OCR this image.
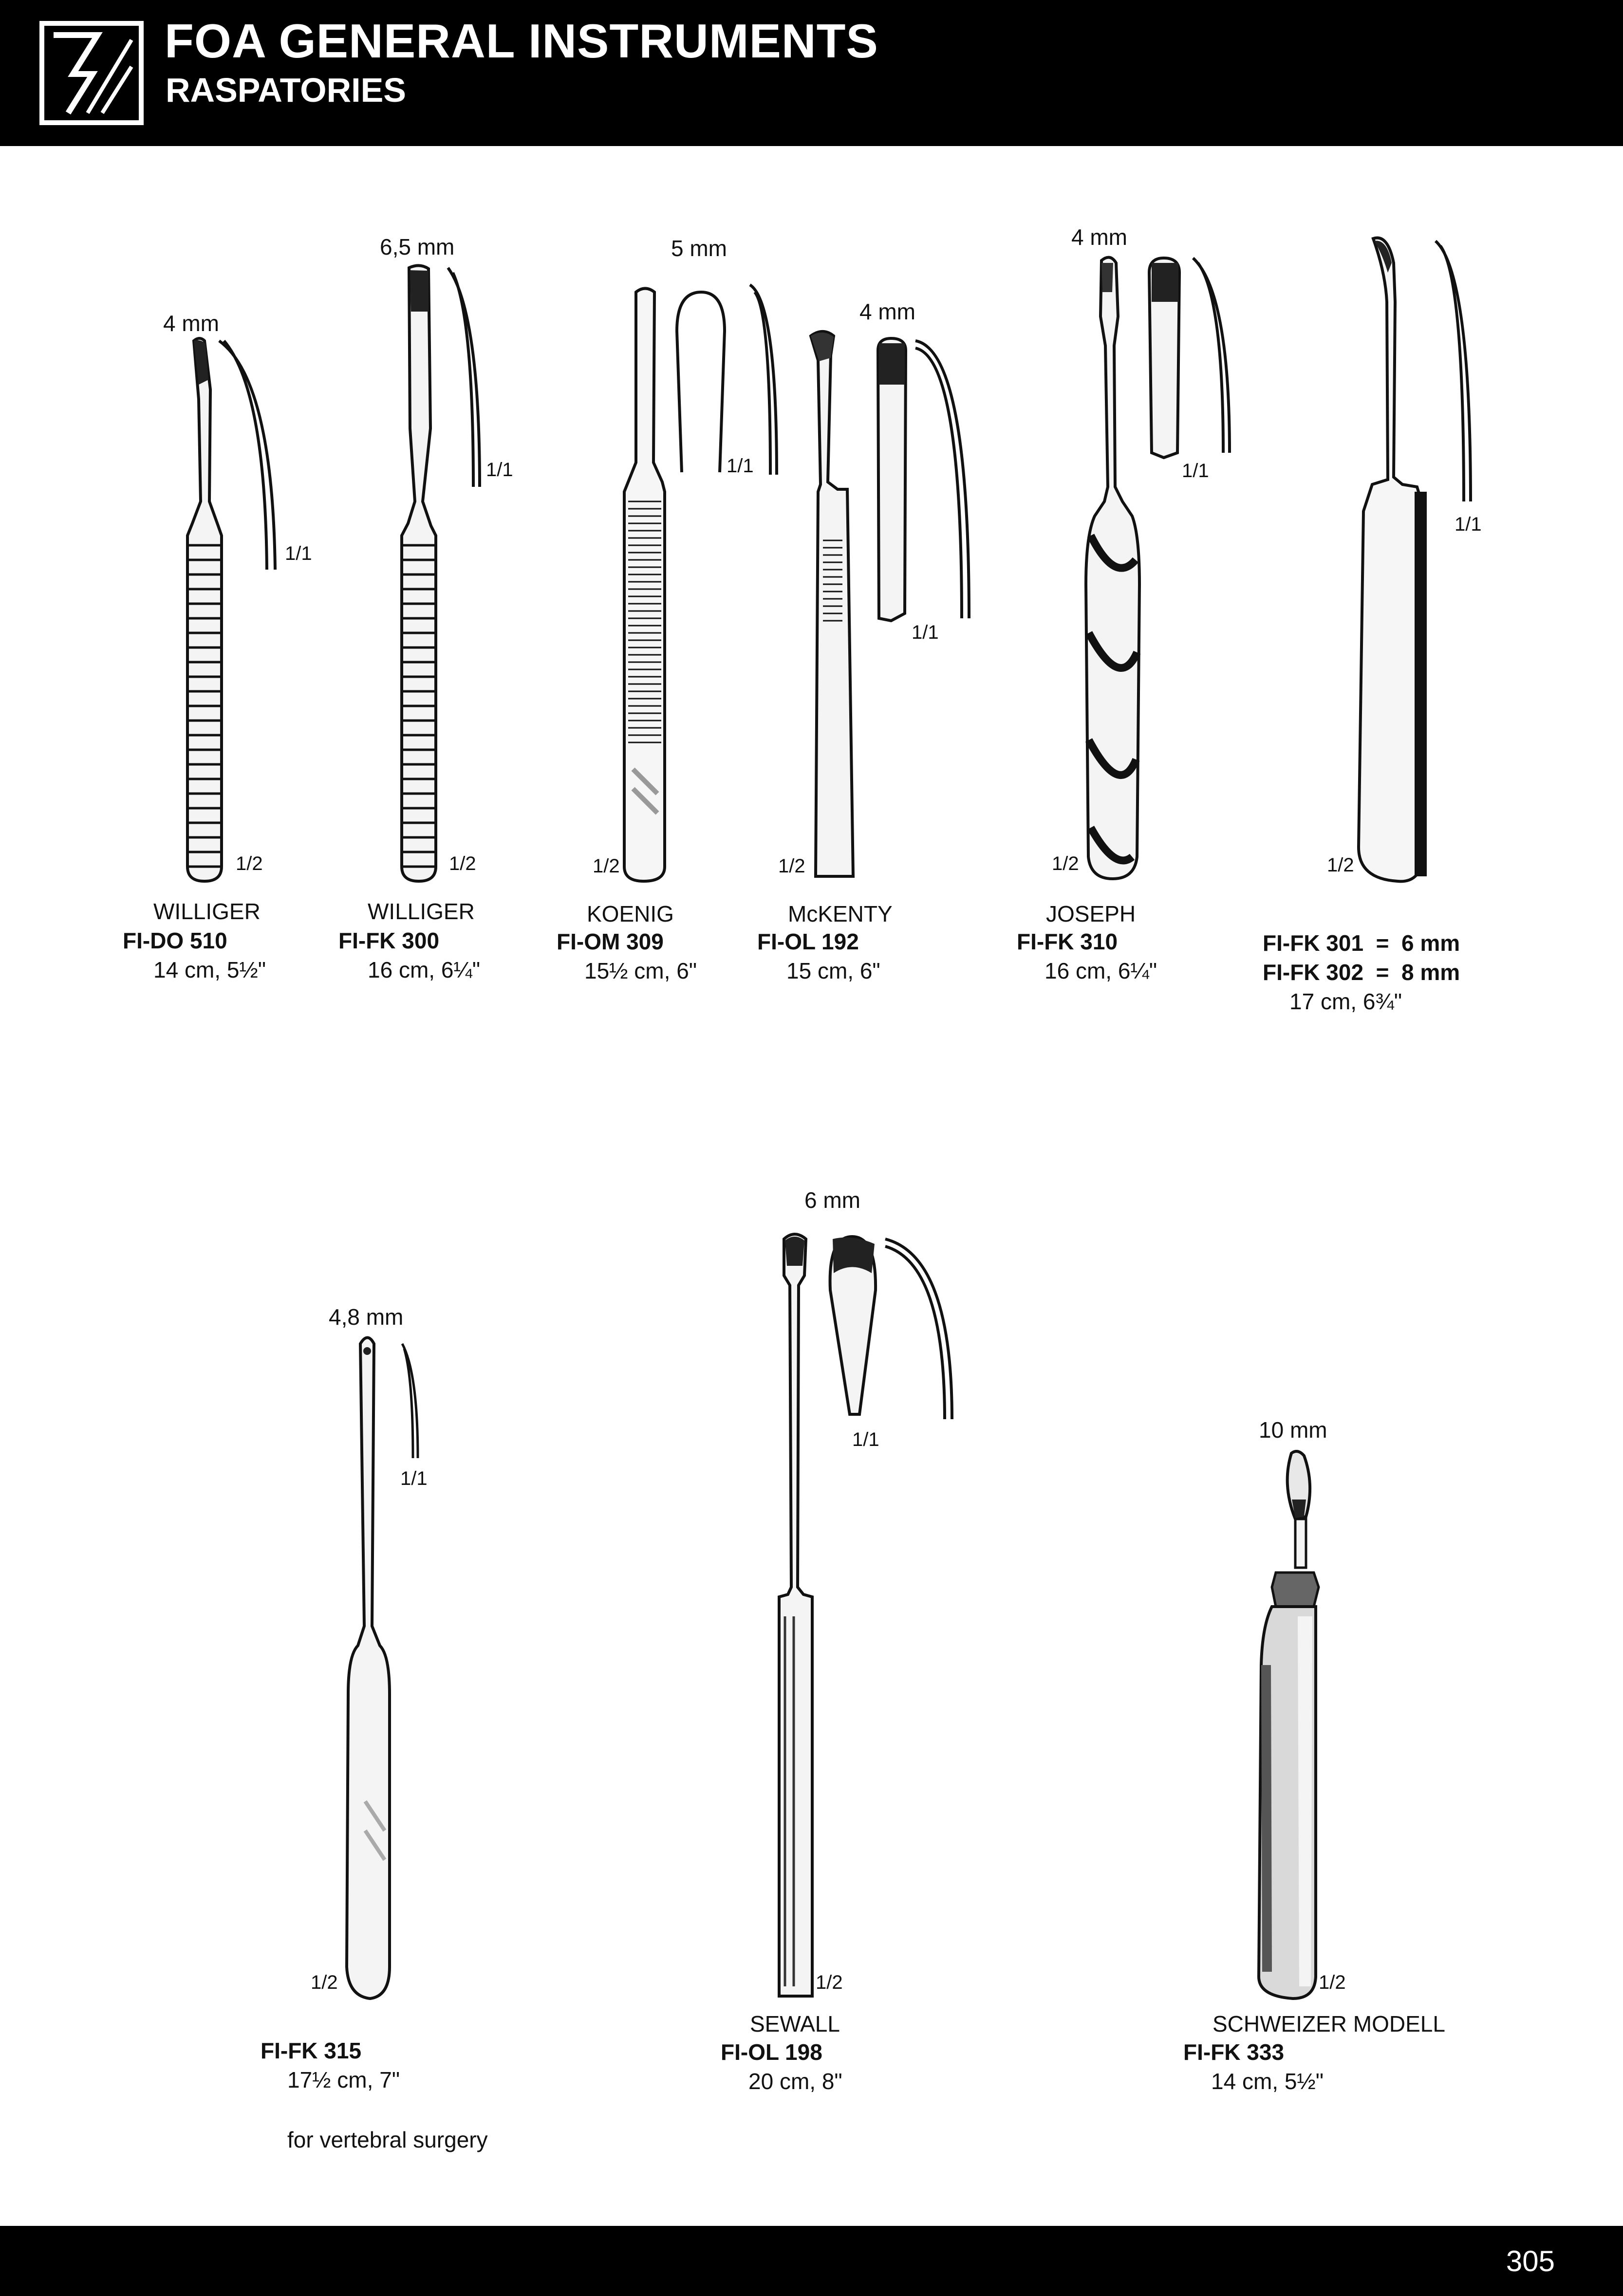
FOA GENERAL INSTRUMENTS
RASPATORIES
4 mm
1/1
1/2
WILLIGER
FI-DO 510
14 cm, 5½"
6,5 mm
1/1
1/2
WILLIGER
FI-FK 300
16 cm, 6¼"
5 mm
1/1
1/2
KOENIG
FI-OM 309
15½ cm, 6"
4 mm
1/1
1/2
McKENTY
FI-OL 192
15 cm, 6"
4 mm
1/1
1/2
JOSEPH
FI-FK 310
16 cm, 6¼"
1/1
1/2
FI-FK 301  =  6 mm
FI-FK 302  =  8 mm
17 cm, 6¾"
4,8 mm
1/1
1/2
FI-FK 315
17½ cm, 7"
for vertebral surgery
6 mm
1/1
1/2
SEWALL
FI-OL 198
20 cm, 8"
10 mm
1/2
SCHWEIZER MODELL
FI-FK 333
14 cm, 5½"
305
